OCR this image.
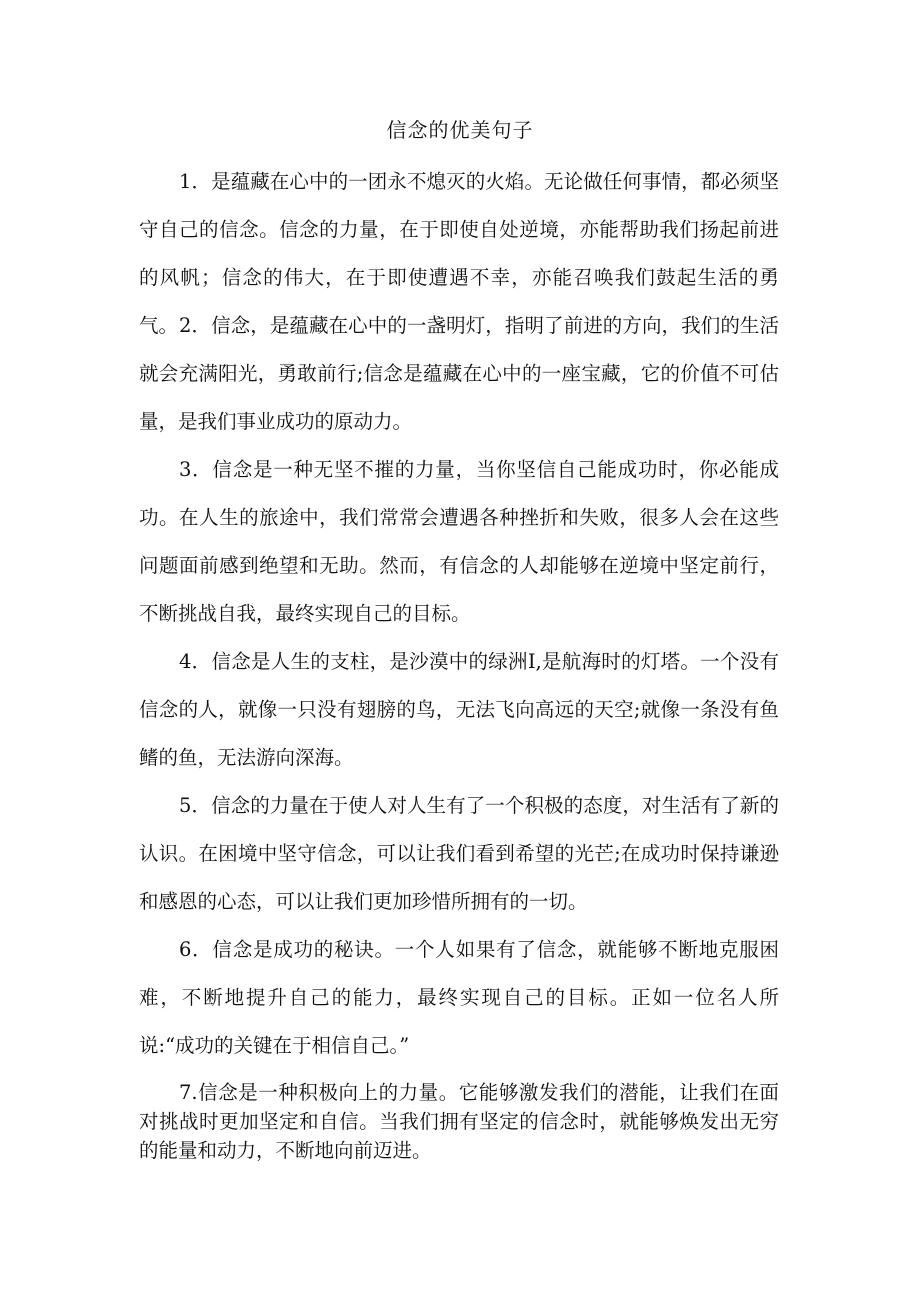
信念的优美句子

1．是蕴藏在心中的一团永不熄灭的火焰。无论做任何事情，都必须坚守自己的信念。信念的力量，在于即使自处逆境，亦能帮助我们扬起前进的风帆；信念的伟大，在于即使遭遇不幸，亦能召唤我们鼓起生活的勇气。 2．信念，是蕴藏在心中的一盏明灯，指明了前进的方向，我们的生活就会充满阳光，勇敢前行;信念是蕴藏在心中的一座宝藏，它的价值不可估量，是我们事业成功的原动力。

3．信念是一种无坚不摧的力量，当你坚信自己能成功时，你必能成功。在人生的旅途中，我们常常会遭遇各种挫折和失败，很多人会在这些问题面前感到绝望和无助。然而，有信念的人却能够在逆境中坚定前行，不断挑战自我，最终实现自己的目标。

4．信念是人生的支柱，是沙漠中的绿洲I,是航海时的灯塔。一个没有信念的人，就像一只没有翅膀的鸟，无法飞向高远的天空;就像一条没有鱼鳍的鱼，无法游向深海。

5．信念的力量在于使人对人生有了一个积极的态度，对生活有了新的认识。在困境中坚守信念，可以让我们看到希望的光芒;在成功时保持谦逊和感恩的心态，可以让我们更加珍惜所拥有的一切。

6．信念是成功的秘诀。一个人如果有了信念，就能够不断地克服困难，不断地提升自己的能力，最终实现自己的目标。正如一位名人所说:“成功的关键在于相信自己。”

7.信念是一种积极向上的力量。它能够激发我们的潜能，让我们在面对挑战时更加坚定和自信。当我们拥有坚定的信念时，就能够焕发出无穷的能量和动力，不断地向前迈进。
